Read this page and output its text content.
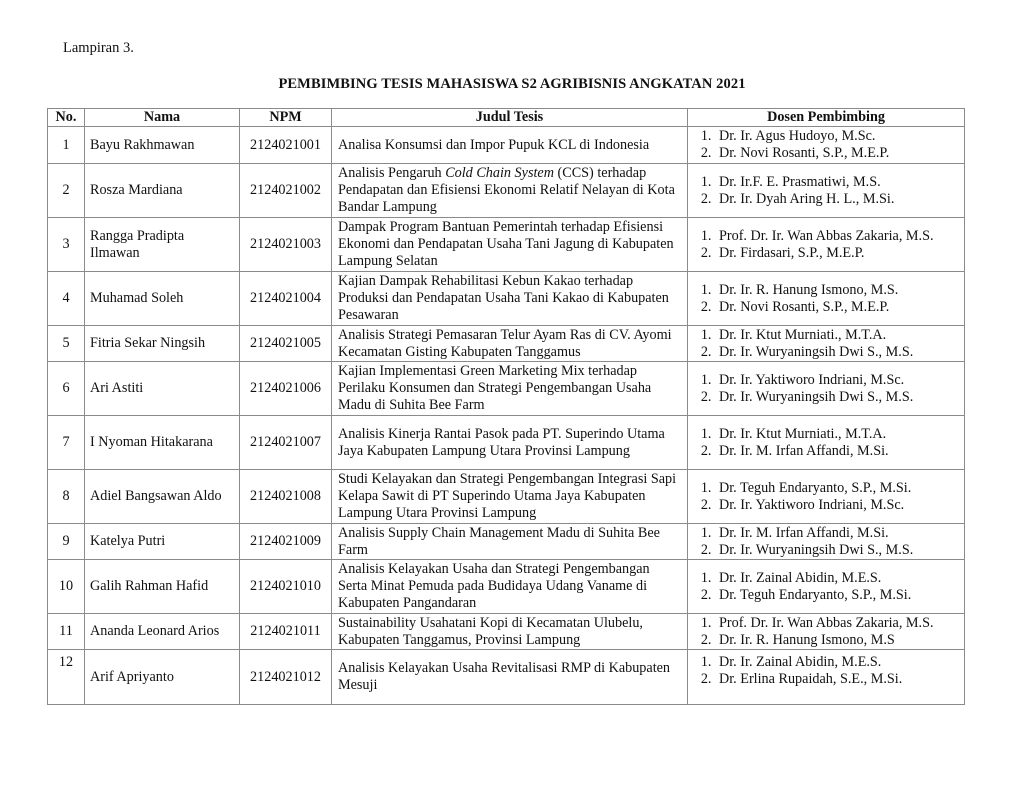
Lampiran 3.
PEMBIMBING TESIS MAHASISWA S2 AGRIBISNIS ANGKATAN 2021
No.	Nama	NPM	Judul Tesis	Dosen Pembimbing
1	Bayu Rakhmawan	2124021001	Analisa Konsumsi dan Impor Pupuk KCL di Indonesia	
1. Dr. Ir. Agus Hudoyo, M.Sc.
2. Dr. Novi Rosanti, S.P., M.E.P.

2	Rosza Mardiana	2124021002	Analisis Pengaruh Cold Chain System (CCS) terhadap Pendapatan dan Efisiensi Ekonomi Relatif Nelayan di Kota Bandar Lampung	
1. Dr. Ir.F. E. Prasmatiwi, M.S.
2. Dr. Ir. Dyah Aring H. L., M.Si.

3	Rangga Pradipta Ilmawan	2124021003	Dampak Program Bantuan Pemerintah terhadap Efisiensi Ekonomi dan Pendapatan Usaha Tani Jagung di Kabupaten Lampung Selatan	
1. Prof. Dr. Ir. Wan Abbas Zakaria, M.S.
2. Dr. Firdasari, S.P., M.E.P.

4	Muhamad Soleh	2124021004	Kajian Dampak Rehabilitasi Kebun Kakao terhadap Produksi dan Pendapatan Usaha Tani Kakao di Kabupaten Pesawaran	
1. Dr. Ir. R. Hanung Ismono, M.S.
2. Dr. Novi Rosanti, S.P., M.E.P.

5	Fitria Sekar Ningsih	2124021005	Analisis Strategi Pemasaran Telur Ayam Ras di CV. Ayomi Kecamatan Gisting Kabupaten Tanggamus	
1. Dr. Ir. Ktut Murniati., M.T.A.
2. Dr. Ir. Wuryaningsih Dwi S., M.S.

6	Ari Astiti	2124021006	Kajian Implementasi Green Marketing Mix terhadap Perilaku Konsumen dan Strategi Pengembangan Usaha Madu di Suhita Bee Farm	
1. Dr. Ir. Yaktiworo Indriani, M.Sc.
2. Dr. Ir. Wuryaningsih Dwi S., M.S.

7	I Nyoman Hitakarana	2124021007	Analisis Kinerja Rantai Pasok pada PT. Superindo Utama Jaya Kabupaten Lampung Utara Provinsi Lampung	
1. Dr. Ir. Ktut Murniati., M.T.A.
2. Dr. Ir. M. Irfan Affandi, M.Si.

8	Adiel Bangsawan Aldo	2124021008	Studi Kelayakan dan Strategi Pengembangan Integrasi Sapi Kelapa Sawit di PT Superindo Utama Jaya Kabupaten Lampung Utara Provinsi Lampung	
1. Dr. Teguh Endaryanto, S.P., M.Si.
2. Dr. Ir. Yaktiworo Indriani, M.Sc.

9	Katelya Putri	2124021009	Analisis Supply Chain Management Madu di Suhita Bee Farm	
1. Dr. Ir. M. Irfan Affandi, M.Si.
2. Dr. Ir. Wuryaningsih Dwi S., M.S.

10	Galih Rahman Hafid	2124021010	Analisis Kelayakan Usaha dan Strategi Pengembangan Serta Minat Pemuda pada Budidaya Udang Vaname di Kabupaten Pangandaran	
1. Dr. Ir. Zainal Abidin, M.E.S.
2. Dr. Teguh Endaryanto, S.P., M.Si.

11	Ananda Leonard Arios	2124021011	Sustainability Usahatani Kopi di Kecamatan Ulubelu, Kabupaten Tanggamus, Provinsi Lampung	
1. Prof. Dr. Ir. Wan Abbas Zakaria, M.S.
2. Dr. Ir. R. Hanung Ismono, M.S

12	Arif Apriyanto	2124021012	Analisis Kelayakan Usaha Revitalisasi RMP di Kabupaten Mesuji	
1. Dr. Ir. Zainal Abidin, M.E.S.
2. Dr. Erlina Rupaidah, S.E., M.Si.
